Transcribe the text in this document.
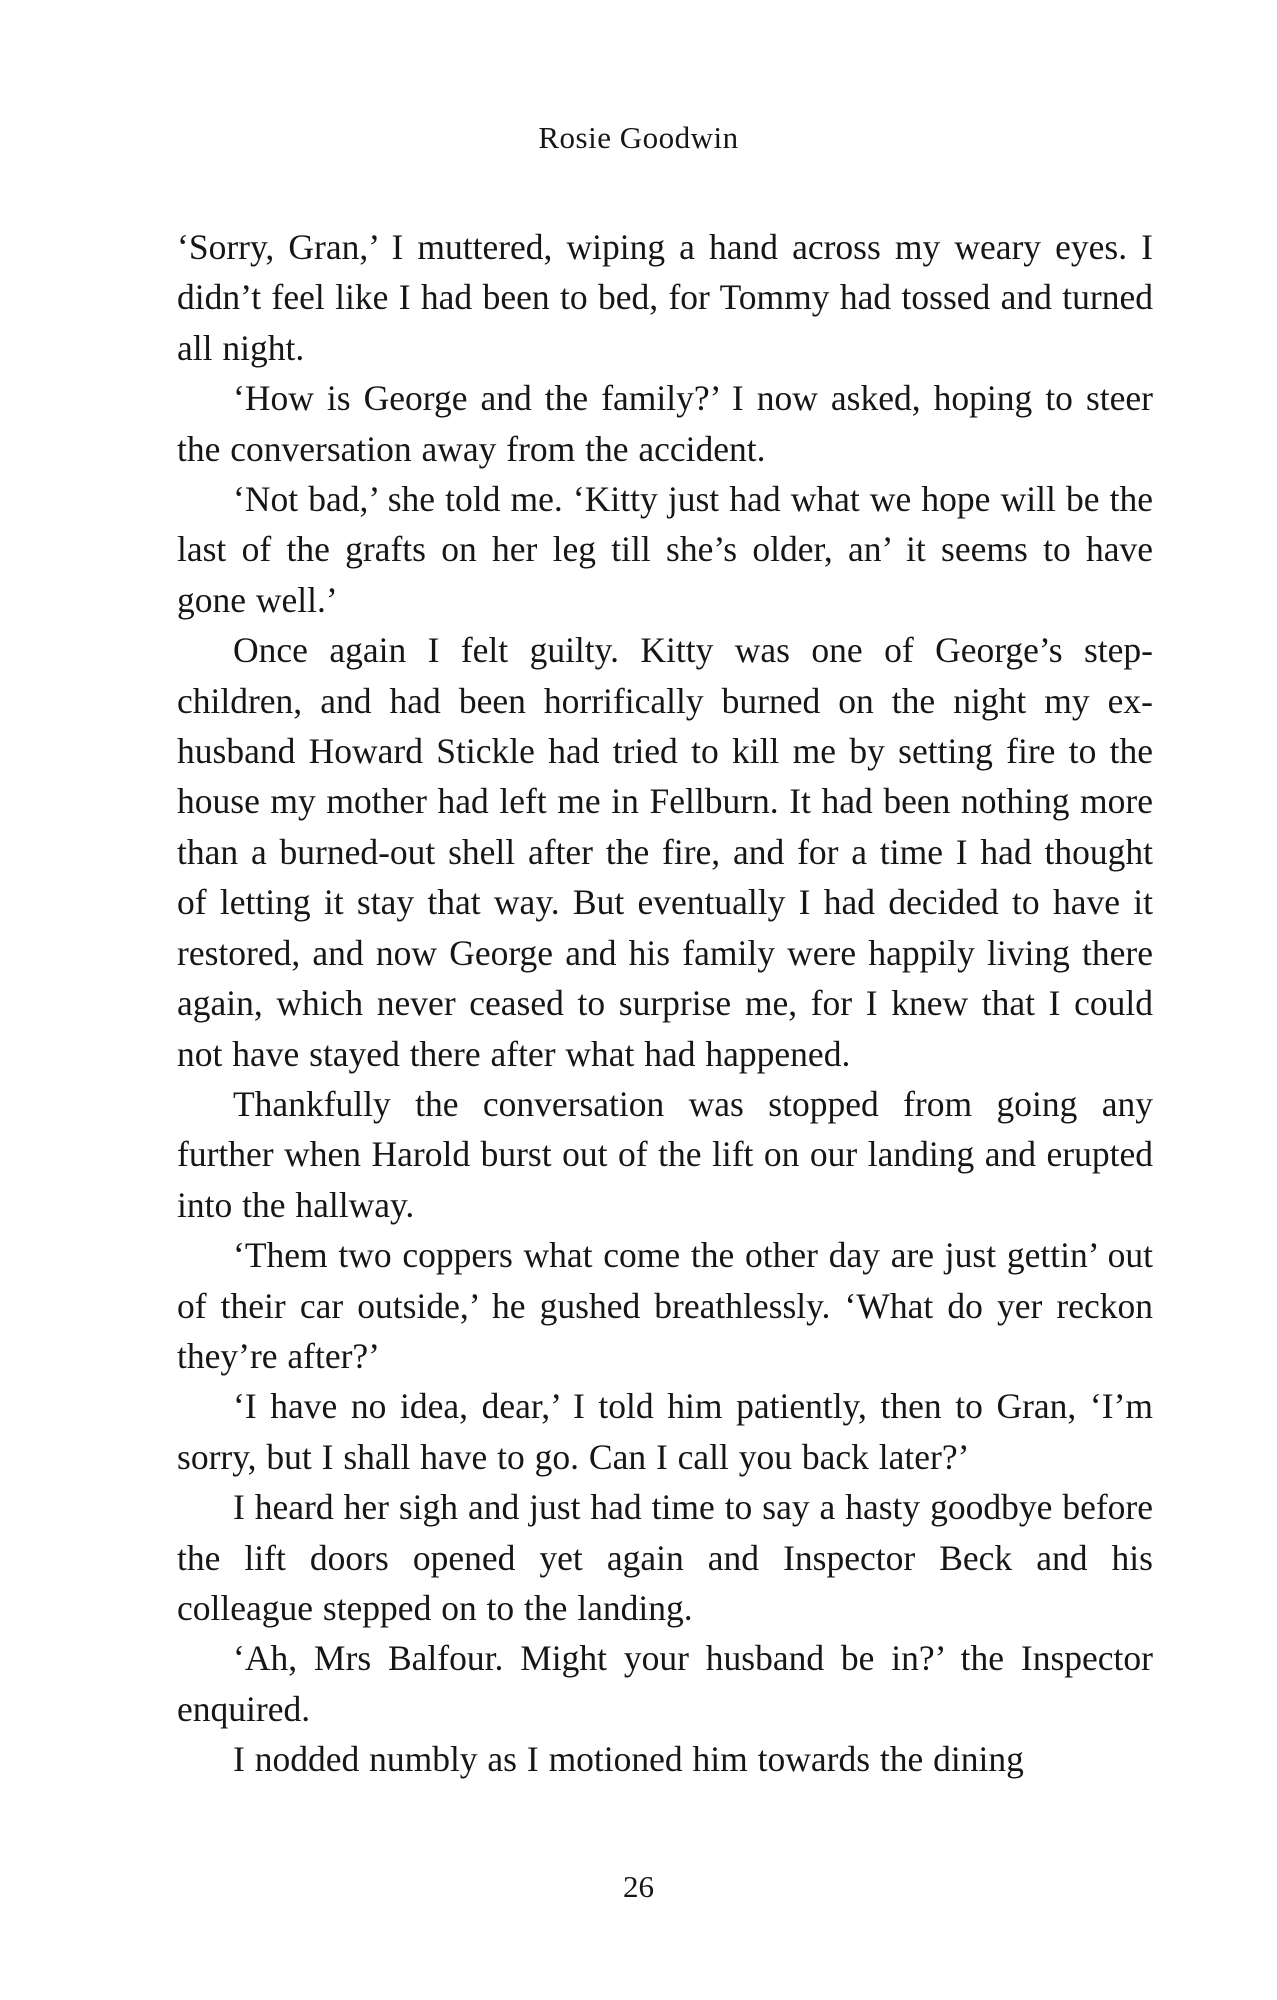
Rosie Goodwin

‘Sorry, Gran,’ I muttered, wiping a hand across my weary eyes. I didn’t feel like I had been to bed, for Tommy had tossed and turned all night.

‘How is George and the family?’ I now asked, hoping to steer the conversation away from the accident.

‘Not bad,’ she told me. ‘Kitty just had what we hope will be the last of the grafts on her leg till she’s older, an’ it seems to have gone well.’

Once again I felt guilty. Kitty was one of George’s step-children, and had been horrifically burned on the night my ex-husband Howard Stickle had tried to kill me by setting fire to the house my mother had left me in Fellburn. It had been nothing more than a burned-out shell after the fire, and for a time I had thought of letting it stay that way. But eventually I had decided to have it restored, and now George and his family were happily living there again, which never ceased to surprise me, for I knew that I could not have stayed there after what had happened.

Thankfully the conversation was stopped from going any further when Harold burst out of the lift on our landing and erupted into the hallway.

‘Them two coppers what come the other day are just gettin’ out of their car outside,’ he gushed breathlessly. ‘What do yer reckon they’re after?’

‘I have no idea, dear,’ I told him patiently, then to Gran, ‘I’m sorry, but I shall have to go. Can I call you back later?’

I heard her sigh and just had time to say a hasty goodbye before the lift doors opened yet again and Inspector Beck and his colleague stepped on to the landing.

‘Ah, Mrs Balfour. Might your husband be in?’ the Inspector enquired.

I nodded numbly as I motioned him towards the dining

26
